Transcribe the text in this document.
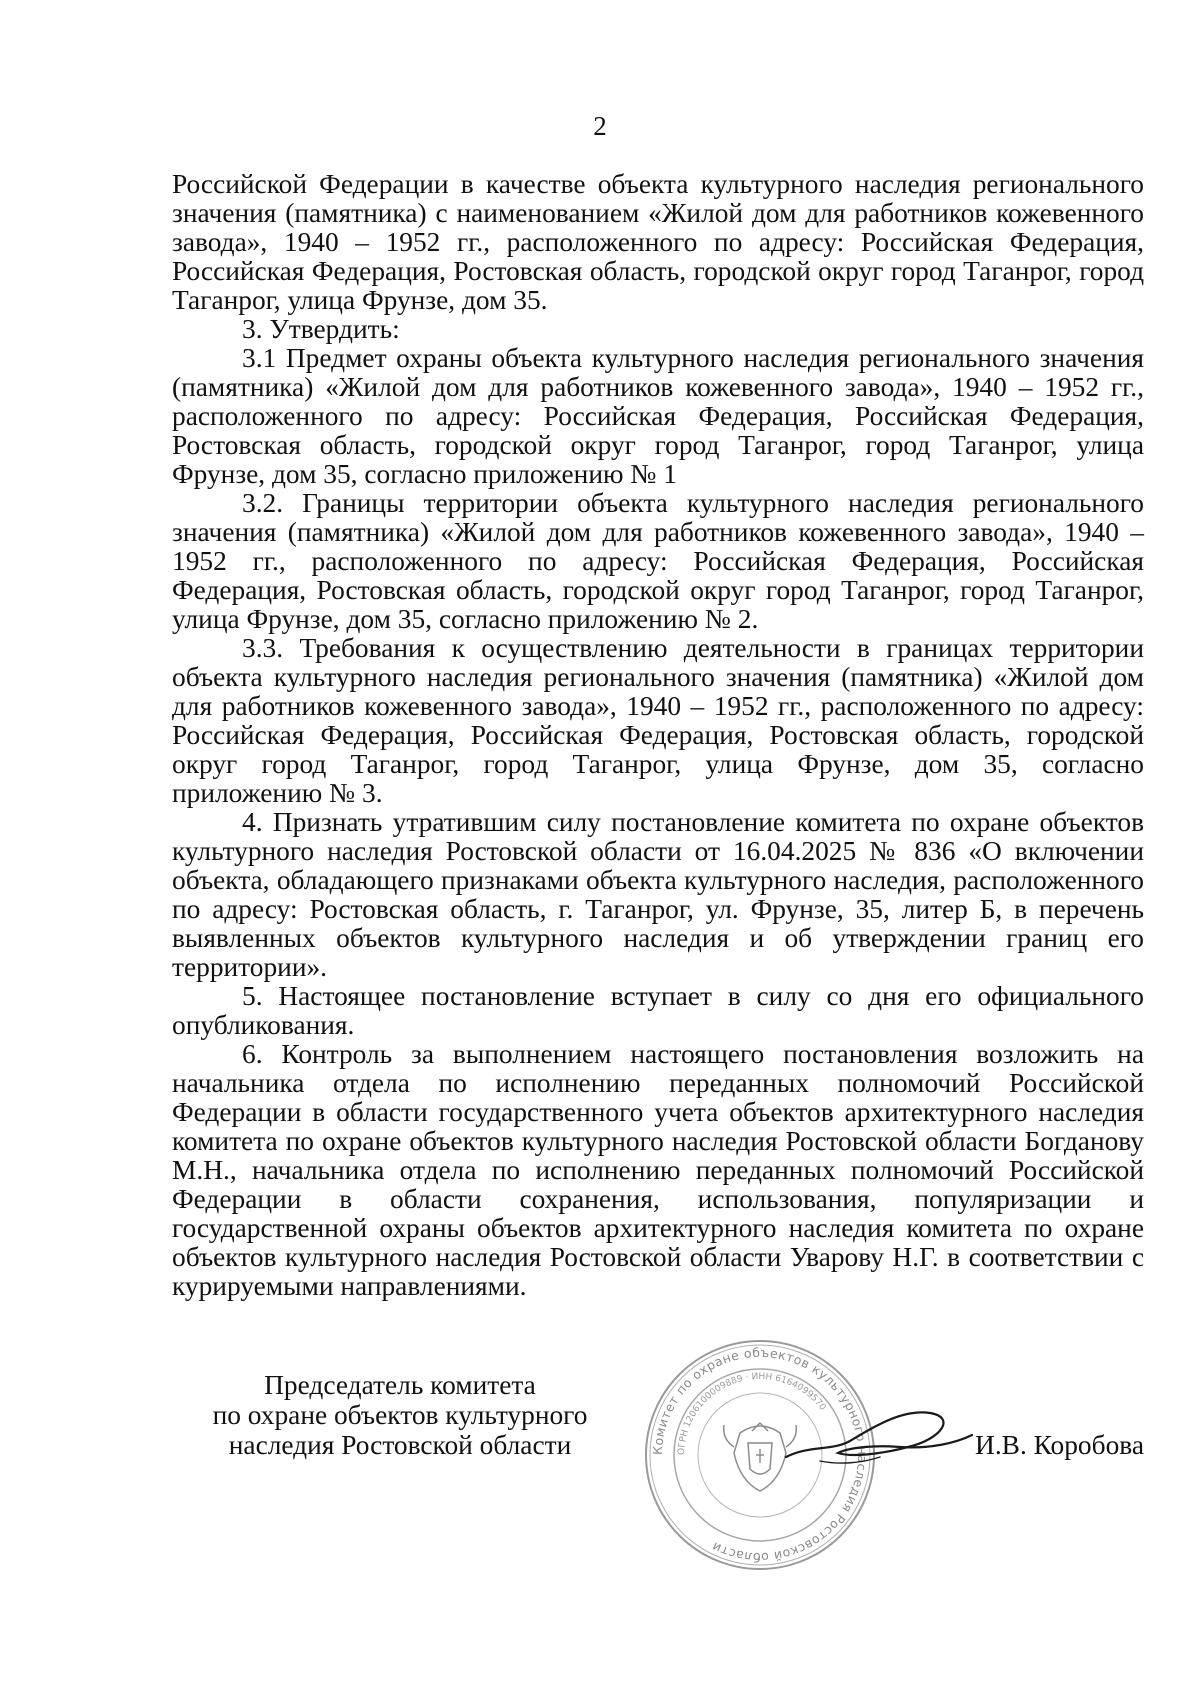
2

Российской Федерации в качестве объекта культурного наследия регионального значения (памятника) с наименованием «Жилой дом для работников кожевенного завода», 1940 – 1952 гг., расположенного по адресу: Российская Федерация, Российская Федерация, Ростовская область, городской округ город Таганрог, город Таганрог, улица Фрунзе, дом 35.

3. Утвердить:

3.1 Предмет охраны объекта культурного наследия регионального значения (памятника) «Жилой дом для работников кожевенного завода», 1940 – 1952 гг., расположенного по адресу: Российская Федерация, Российская Федерация, Ростовская область, городской округ город Таганрог, город Таганрог, улица Фрунзе, дом 35, согласно приложению № 1

3.2. Границы территории объекта культурного наследия регионального значения (памятника) «Жилой дом для работников кожевенного завода», 1940 – 1952 гг., расположенного по адресу: Российская Федерация, Российская Федерация, Ростовская область, городской округ город Таганрог, город Таганрог, улица Фрунзе, дом 35, согласно приложению № 2.

3.3. Требования к осуществлению деятельности в границах территории объекта культурного наследия регионального значения (памятника) «Жилой дом для работников кожевенного завода», 1940 – 1952 гг., расположенного по адресу: Российская Федерация, Российская Федерация, Ростовская область, городской округ город Таганрог, город Таганрог, улица Фрунзе, дом 35, согласно приложению № 3.

4. Признать утратившим силу постановление комитета по охране объектов культурного наследия Ростовской области от 16.04.2025 № 836 «О включении объекта, обладающего признаками объекта культурного наследия, расположенного по адресу: Ростовская область, г. Таганрог, ул. Фрунзе, 35, литер Б, в перечень выявленных объектов культурного наследия и об утверждении границ его территории».

5. Настоящее постановление вступает в силу со дня его официального опубликования.

6. Контроль за выполнением настоящего постановления возложить на начальника отдела по исполнению переданных полномочий Российской Федерации в области государственного учета объектов архитектурного наследия комитета по охране объектов культурного наследия Ростовской области Богданову М.Н., начальника отдела по исполнению переданных полномочий Российской Федерации в области сохранения, использования, популяризации и государственной охраны объектов архитектурного наследия комитета по охране объектов культурного наследия Ростовской области Уварову Н.Г. в соответствии с курируемыми направлениями.

Председатель комитета
по охране объектов культурного
наследия Ростовской области	Комитет по охране объектов культурного наследия Ростовской области
ОГРН 1206100009889 · ИНН 6164099570
И.В. Коробова
